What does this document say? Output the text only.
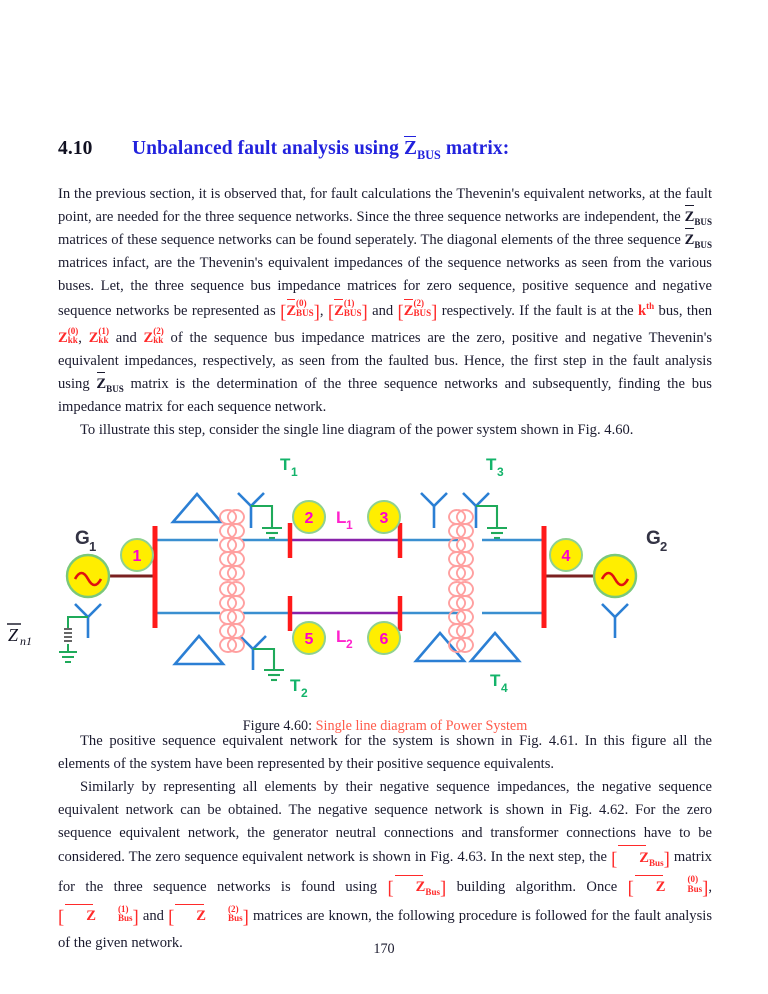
4.10	Unbalanced fault analysis using $Z_{BUS}$ matrix:

In the previous section, it is observed that, for fault calculations the Thevenin's equivalent networks, at the fault point, are needed for the three sequence networks. Since the three sequence networks are independent, the $Z_{BUS}$ matrices of these sequence networks can be found seperately. The diagonal elements of the three sequence $Z_{BUS}$ matrices infact, are the Thevenin's equivalent impedances of the sequence networks as seen from the various buses. Let, the three sequence bus impedance matrices for zero sequence, positive sequence and negative sequence networks be represented as [Z (0)
BUS ], [Z (1)
BUS ] and [Z (2)
BUS ] respectively. If the fault is at the $k^{th}$ bus, then Z (0)
kk , Z (1)
kk and Z (2)
kk of the sequence bus impedance matrices are the zero, positive and negative Thevenin's equivalent impedances, respectively, as seen from the faulted bus. Hence, the first step in the fault analysis using $Z_{BUS}$ matrix is the determination of the three sequence networks and subsequently, finding the bus impedance matrix for each sequence network.

To illustrate this step, consider the single line diagram of the power system shown in Fig. 4.60.

T 1	T 3
T 2
T 4
G 1	G 2
Z n1
1
2	3
4
5	6
L 1
L 2
Figure 4.60: Single line diagram of Power System

The positive sequence equivalent network for the system is shown in Fig. 4.61. In this figure all the elements of the system have been represented by their positive sequence equivalents.

Similarly by representing all elements by their negative sequence impedances, the negative sequence equivalent network can be obtained. The negative sequence network is shown in Fig. 4.62. For the zero sequence equivalent network, the generator neutral connections and transformer connections have to be considered. The zero sequence equivalent network is shown in Fig. 4.63. In the next step, the [ $Z_{Bus}$] matrix for the three sequence networks is found using [ $Z_{Bus}$] building algorithm. Once [ Z	(0)
Bus ], [ Z	(1)
Bus ] and [ Z	(2)
Bus ] matrices are known, the following procedure is followed for the fault analysis of the given network.	170
